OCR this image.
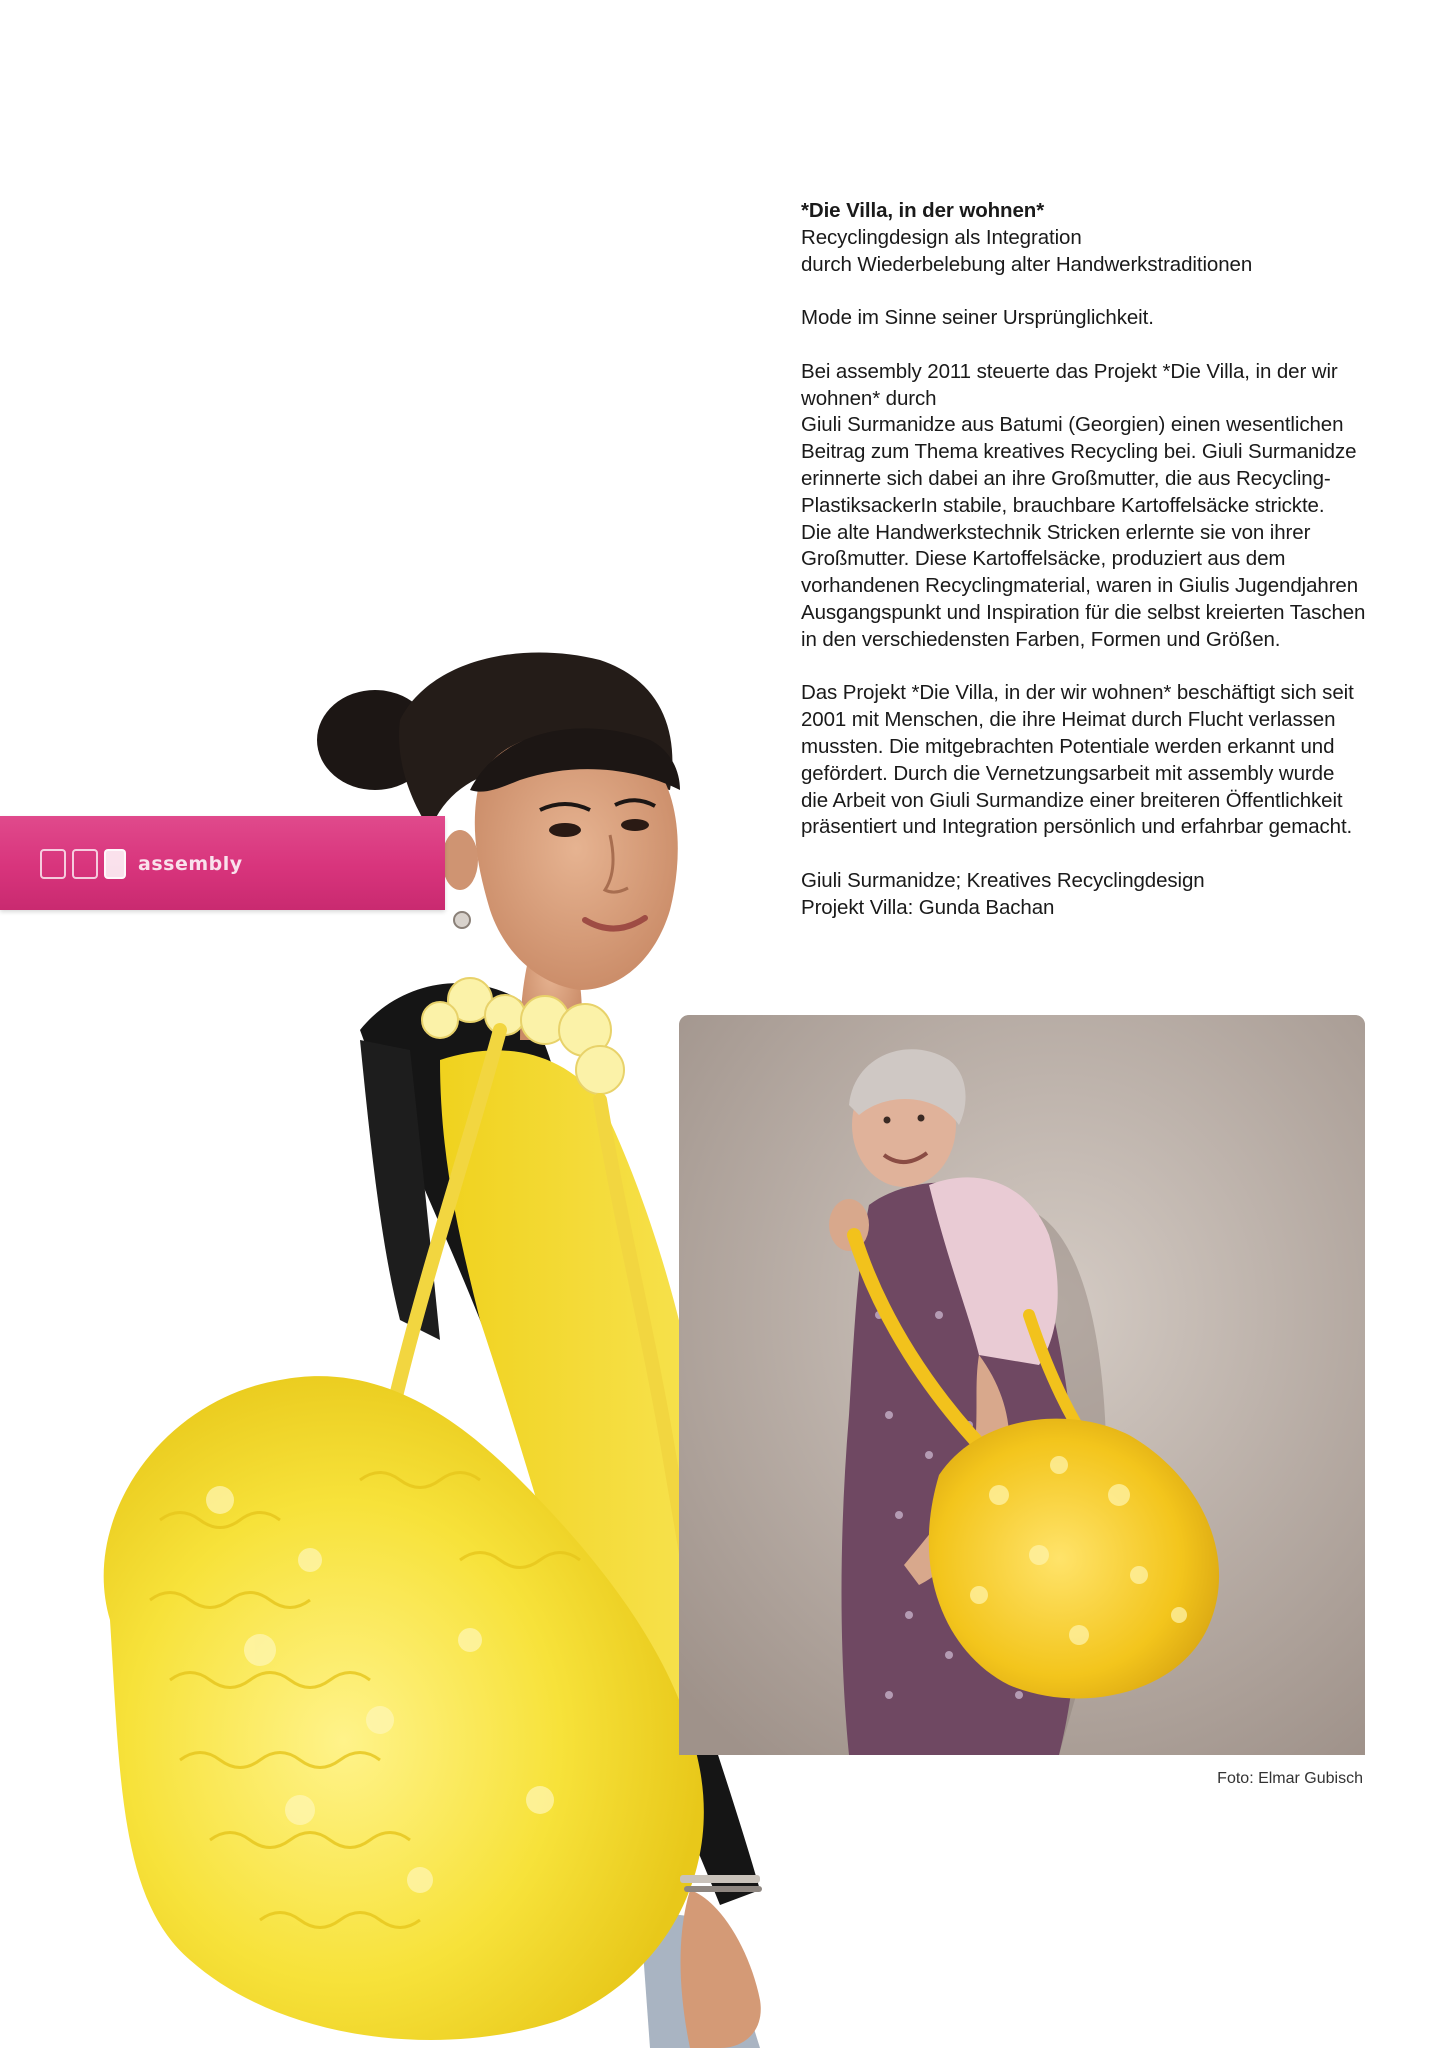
assembly
Foto: Elmar Gubisch

*Die Villa, in der wohnen*
Recyclingdesign als Integration
durch Wiederbelebung alter Handwerkstraditionen

Mode im Sinne seiner Ursprünglichkeit.

Bei assembly 2011 steuerte das Projekt *Die Villa, in der wir
wohnen* durch
Giuli Surmanidze aus Batumi (Georgien) einen wesentlichen
Beitrag zum Thema kreatives Recycling bei. Giuli Surmanidze
erinnerte sich dabei an ihre Großmutter, die aus Recycling-
PlastiksackerIn stabile, brauchbare Kartoffelsäcke strickte.
Die alte Handwerkstechnik Stricken erlernte sie von ihrer
Großmutter. Diese Kartoffelsäcke, produziert aus dem
vorhandenen Recyclingmaterial, waren in Giulis Jugendjahren
Ausgangspunkt und Inspiration für die selbst kreierten Taschen
in den verschiedensten Farben, Formen und Größen.

Das Projekt *Die Villa, in der wir wohnen* beschäftigt sich seit
2001 mit Menschen, die ihre Heimat durch Flucht verlassen
mussten. Die mitgebrachten Potentiale werden erkannt und
gefördert. Durch die Vernetzungsarbeit mit assembly wurde
die Arbeit von Giuli Surmandize einer breiteren Öffentlichkeit
präsentiert und Integration persönlich und erfahrbar gemacht.

Giuli Surmanidze; Kreatives Recyclingdesign
Projekt Villa: Gunda Bachan
